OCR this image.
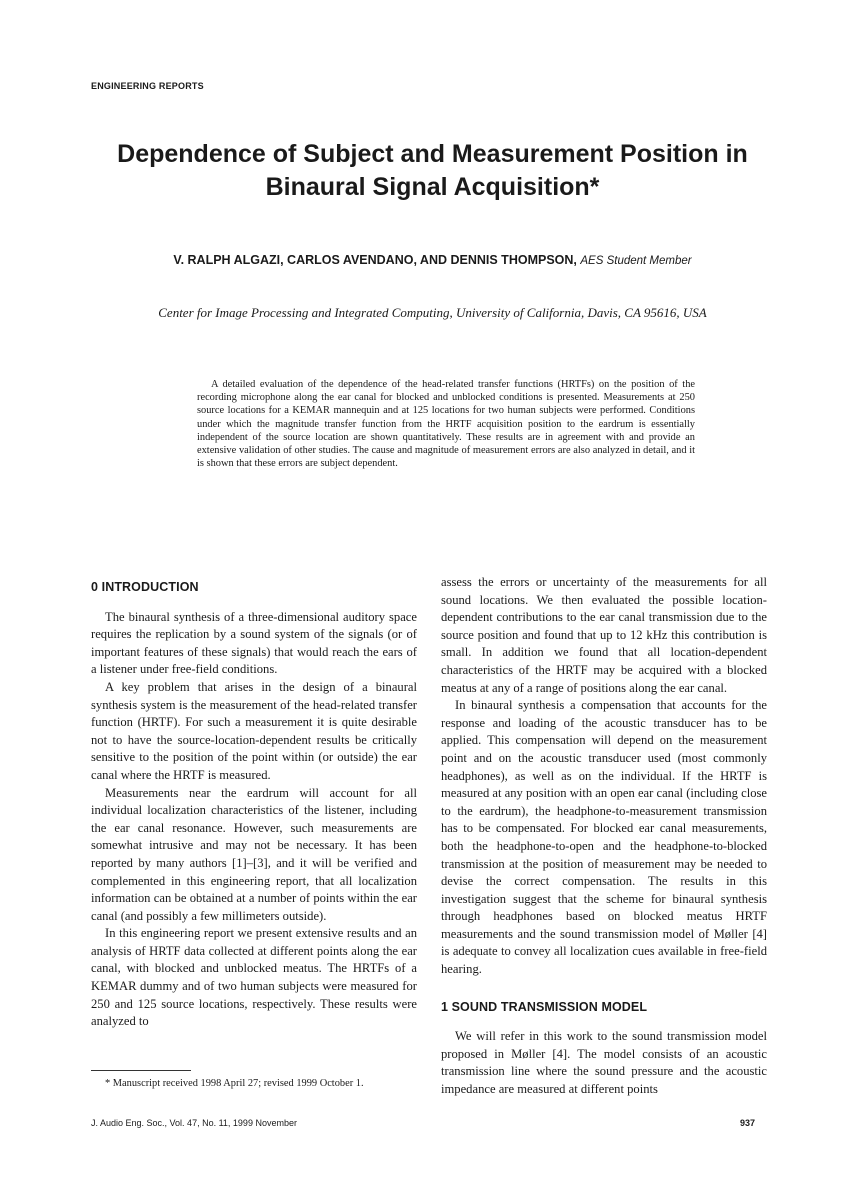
ENGINEERING REPORTS
Dependence of Subject and Measurement Position in
Binaural Signal Acquisition*
V. RALPH ALGAZI, CARLOS AVENDANO, AND DENNIS THOMPSON, AES Student Member
Center for Image Processing and Integrated Computing, University of California, Davis, CA 95616, USA

A detailed evaluation of the dependence of the head-related transfer functions (HRTFs) on the position of the recording microphone along the ear canal for blocked and unblocked conditions is presented. Measurements at 250 source locations for a KEMAR mannequin and at 125 locations for two human subjects were performed. Conditions under which the magnitude transfer function from the HRTF acquisition position to the eardrum is essentially independent of the source location are shown quantitatively. These results are in agreement with and provide an extensive validation of other studies. The cause and magnitude of measurement errors are also analyzed in detail, and it is shown that these errors are subject dependent.

0 INTRODUCTION

The binaural synthesis of a three-dimensional auditory space requires the replication by a sound system of the signals (or of important features of these signals) that would reach the ears of a listener under free-field conditions.

A key problem that arises in the design of a binaural synthesis system is the measurement of the head-related transfer function (HRTF). For such a measurement it is quite desirable not to have the source-location-dependent results be critically sensitive to the position of the point within (or outside) the ear canal where the HRTF is measured.

Measurements near the eardrum will account for all individual localization characteristics of the listener, including the ear canal resonance. However, such measurements are somewhat intrusive and may not be necessary. It has been reported by many authors [1]–[3], and it will be verified and complemented in this engineering report, that all localization information can be obtained at a number of points within the ear canal (and possibly a few millimeters outside).

In this engineering report we present extensive results and an analysis of HRTF data collected at different points along the ear canal, with blocked and unblocked meatus. The HRTFs of a KEMAR dummy and of two human subjects were measured for 250 and 125 source locations, respectively. These results were analyzed to

assess the errors or uncertainty of the measurements for all sound locations. We then evaluated the possible location-dependent contributions to the ear canal transmission due to the source position and found that up to 12 kHz this contribution is small. In addition we found that all location-dependent characteristics of the HRTF may be acquired with a blocked meatus at any of a range of positions along the ear canal.

In binaural synthesis a compensation that accounts for the response and loading of the acoustic transducer has to be applied. This compensation will depend on the measurement point and on the acoustic transducer used (most commonly headphones), as well as on the individual. If the HRTF is measured at any position with an open ear canal (including close to the eardrum), the headphone-to-measurement transmission has to be compensated. For blocked ear canal measurements, both the headphone-to-open and the headphone-to-blocked transmission at the position of measurement may be needed to devise the correct compensation. The results in this investigation suggest that the scheme for binaural synthesis through headphones based on blocked meatus HRTF measurements and the sound transmission model of Møller [4] is adequate to convey all localization cues available in free-field hearing.

1 SOUND TRANSMISSION MODEL

We will refer in this work to the sound transmission model proposed in Møller [4]. The model consists of an acoustic transmission line where the sound pressure and the acoustic impedance are measured at different points

* Manuscript received 1998 April 27; revised 1999 October 1.
J. Audio Eng. Soc., Vol. 47, No. 11, 1999 November	937
